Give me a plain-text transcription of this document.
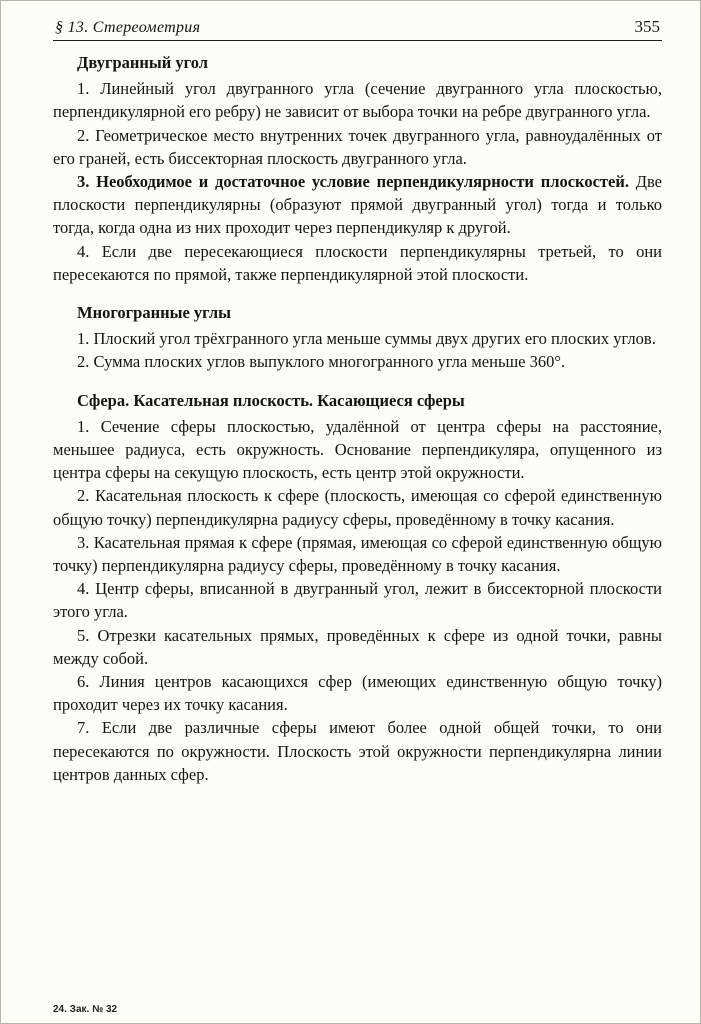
§ 13. Стереометрия	355
Двугранный угол

1. Линейный угол двугранного угла (сечение двугранного угла плоскостью, перпендикулярной его ребру) не зависит от выбора точки на ребре двугранного угла.

2. Геометрическое место внутренних точек двугранного угла, равноудалённых от его граней, есть биссекторная плоскость двугранного угла.

3. Необходимое и достаточное условие перпендикулярности плоскостей. Две плоскости перпендикулярны (образуют прямой двугранный угол) тогда и только тогда, когда одна из них проходит через перпендикуляр к другой.

4. Если две пересекающиеся плоскости перпендикулярны третьей, то они пересекаются по прямой, также перпендикулярной этой плоскости.

Многогранные углы

1. Плоский угол трёхгранного угла меньше суммы двух других его плоских углов.

2. Сумма плоских углов выпуклого многогранного угла меньше 360°.

Сфера. Касательная плоскость. Касающиеся сферы

1. Сечение сферы плоскостью, удалённой от центра сферы на расстояние, меньшее радиуса, есть окружность. Основание перпендикуляра, опущенного из центра сферы на секущую плоскость, есть центр этой окружности.

2. Касательная плоскость к сфере (плоскость, имеющая со сферой единственную общую точку) перпендикулярна радиусу сферы, проведённому в точку касания.

3. Касательная прямая к сфере (прямая, имеющая со сферой единственную общую точку) перпендикулярна радиусу сферы, проведённому в точку касания.

4. Центр сферы, вписанной в двугранный угол, лежит в биссекторной плоскости этого угла.

5. Отрезки касательных прямых, проведённых к сфере из одной точки, равны между собой.

6. Линия центров касающихся сфер (имеющих единственную общую точку) проходит через их точку касания.

7. Если две различные сферы имеют более одной общей точки, то они пересекаются по окружности. Плоскость этой окружности перпендикулярна линии центров данных сфер.

24. Зак. № 32
